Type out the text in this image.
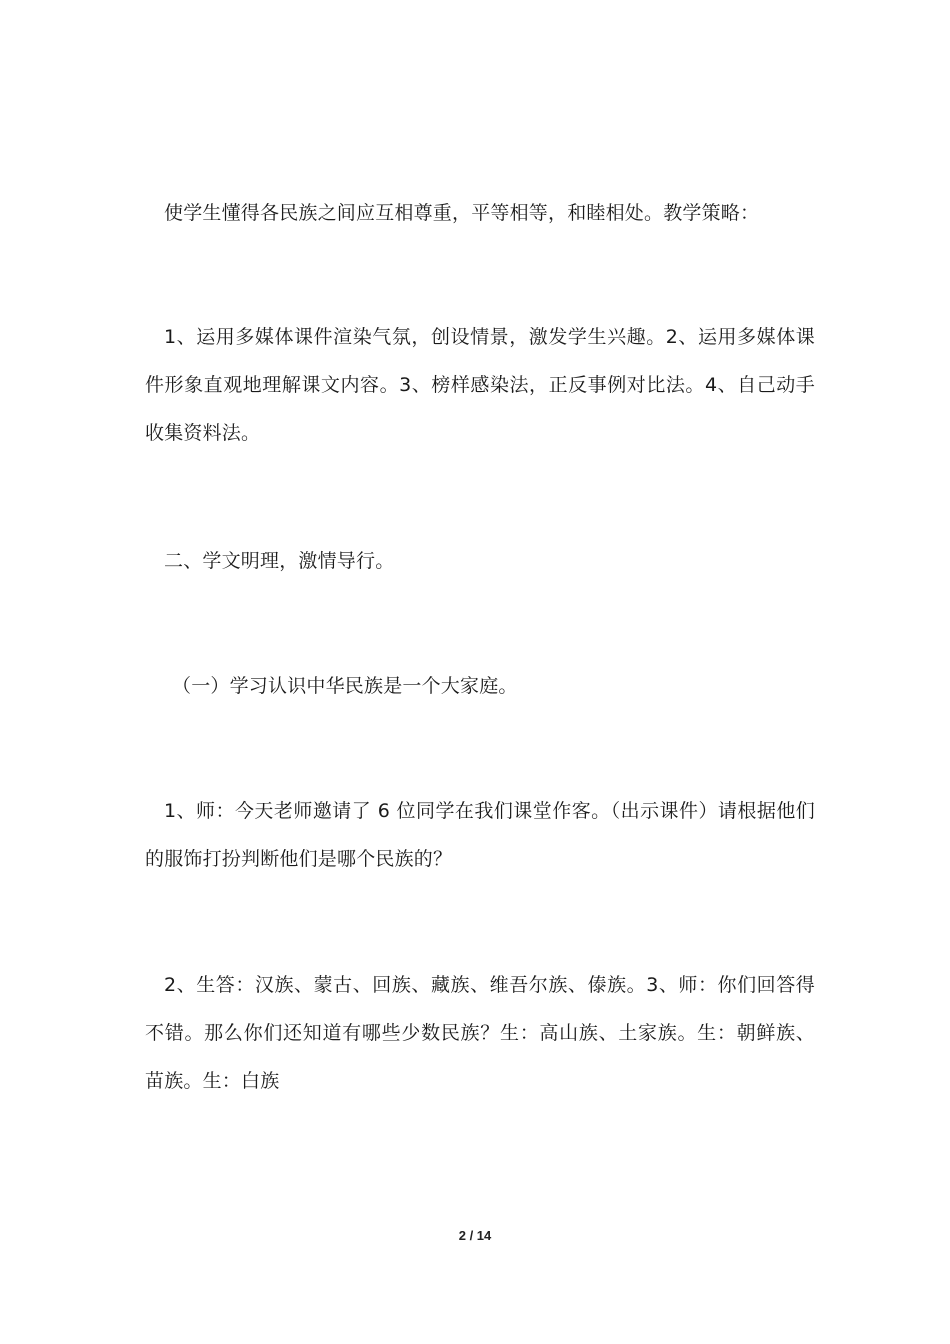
使学生懂得各民族之间应互相尊重，平等相等，和睦相处。教学策略：

1、运用多媒体课件渲染气氛，创设情景，激发学生兴趣。2、运用多媒体课件形象直观地理解课文内容。3、榜样感染法，正反事例对比法。4、自己动手收集资料法。

二、学文明理，激情导行。

（一）学习认识中华民族是一个大家庭。

1、师：今天老师邀请了 6 位同学在我们课堂作客。（出示课件）请根据他们的服饰打扮判断他们是哪个民族的？

2、生答：汉族、蒙古、回族、藏族、维吾尔族、傣族。3、师：你们回答得不错。那么你们还知道有哪些少数民族？生：高山族、土家族。生：朝鲜族、苗族。生：白族

2 / 14
